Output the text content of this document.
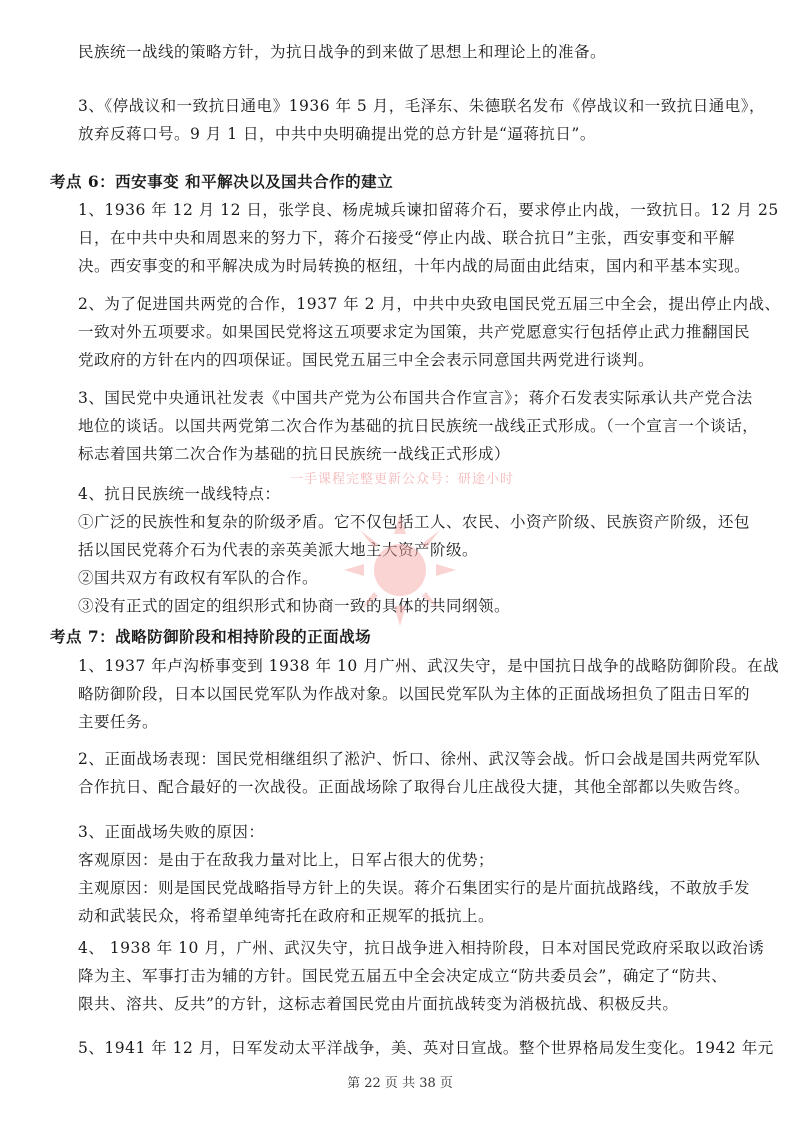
民族统一战线的策略方针，为抗日战争的到来做了思想上和理论上的准备。
3、《停战议和一致抗日通电》1936 年 5 月，毛泽东、朱德联名发布《停战议和一致抗日通电》，
放弃反蒋口号。9 月 1 日，中共中央明确提出党的总方针是“逼蒋抗日”。
考点 6：西安事变 和平解决以及国共合作的建立
1、1936 年 12 月 12 日，张学良、杨虎城兵谏扣留蒋介石，要求停止内战，一致抗日。12 月 25
日，在中共中央和周恩来的努力下，蒋介石接受“停止内战、联合抗日”主张，西安事变和平解
决。西安事变的和平解决成为时局转换的枢纽，十年内战的局面由此结束，国内和平基本实现。
2、为了促进国共两党的合作，1937 年 2 月，中共中央致电国民党五届三中全会，提出停止内战、
一致对外五项要求。如果国民党将这五项要求定为国策，共产党愿意实行包括停止武力推翻国民
党政府的方针在内的四项保证。国民党五届三中全会表示同意国共两党进行谈判。
3、国民党中央通讯社发表《中国共产党为公布国共合作宣言》；蒋介石发表实际承认共产党合法
地位的谈话。以国共两党第二次合作为基础的抗日民族统一战线正式形成。（一个宣言一个谈话，
标志着国共第二次合作为基础的抗日民族统一战线正式形成）
4、抗日民族统一战线特点：
①广泛的民族性和复杂的阶级矛盾。它不仅包括工人、农民、小资产阶级、民族资产阶级，还包
括以国民党蒋介石为代表的亲英美派大地主大资产阶级。
②国共双方有政权有军队的合作。
③没有正式的固定的组织形式和协商一致的具体的共同纲领。
考点 7：战略防御阶段和相持阶段的正面战场
1、1937 年卢沟桥事变到 1938 年 10 月广州、武汉失守，是中国抗日战争的战略防御阶段。在战
略防御阶段，日本以国民党军队为作战对象。以国民党军队为主体的正面战场担负了阻击日军的
主要任务。
2、正面战场表现：国民党相继组织了淞沪、忻口、徐州、武汉等会战。忻口会战是国共两党军队
合作抗日、配合最好的一次战役。正面战场除了取得台儿庄战役大捷，其他全部都以失败告终。
3、正面战场失败的原因：
客观原因：是由于在敌我力量对比上，日军占很大的优势；
主观原因：则是国民党战略指导方针上的失误。蒋介石集团实行的是片面抗战路线，不敢放手发
动和武装民众，将希望单纯寄托在政府和正规军的抵抗上。
4、 1938 年 10 月，广州、武汉失守，抗日战争进入相持阶段，日本对国民党政府采取以政治诱
降为主、军事打击为辅的方针。国民党五届五中全会决定成立“防共委员会”，确定了“防共、
限共、溶共、反共”的方针，这标志着国民党由片面抗战转变为消极抗战、积极反共。
5、1941 年 12 月，日军发动太平洋战争，美、英对日宣战。整个世界格局发生变化。1942 年元
一手课程完整更新公众号：研途小时
第 22 页 共 38 页
